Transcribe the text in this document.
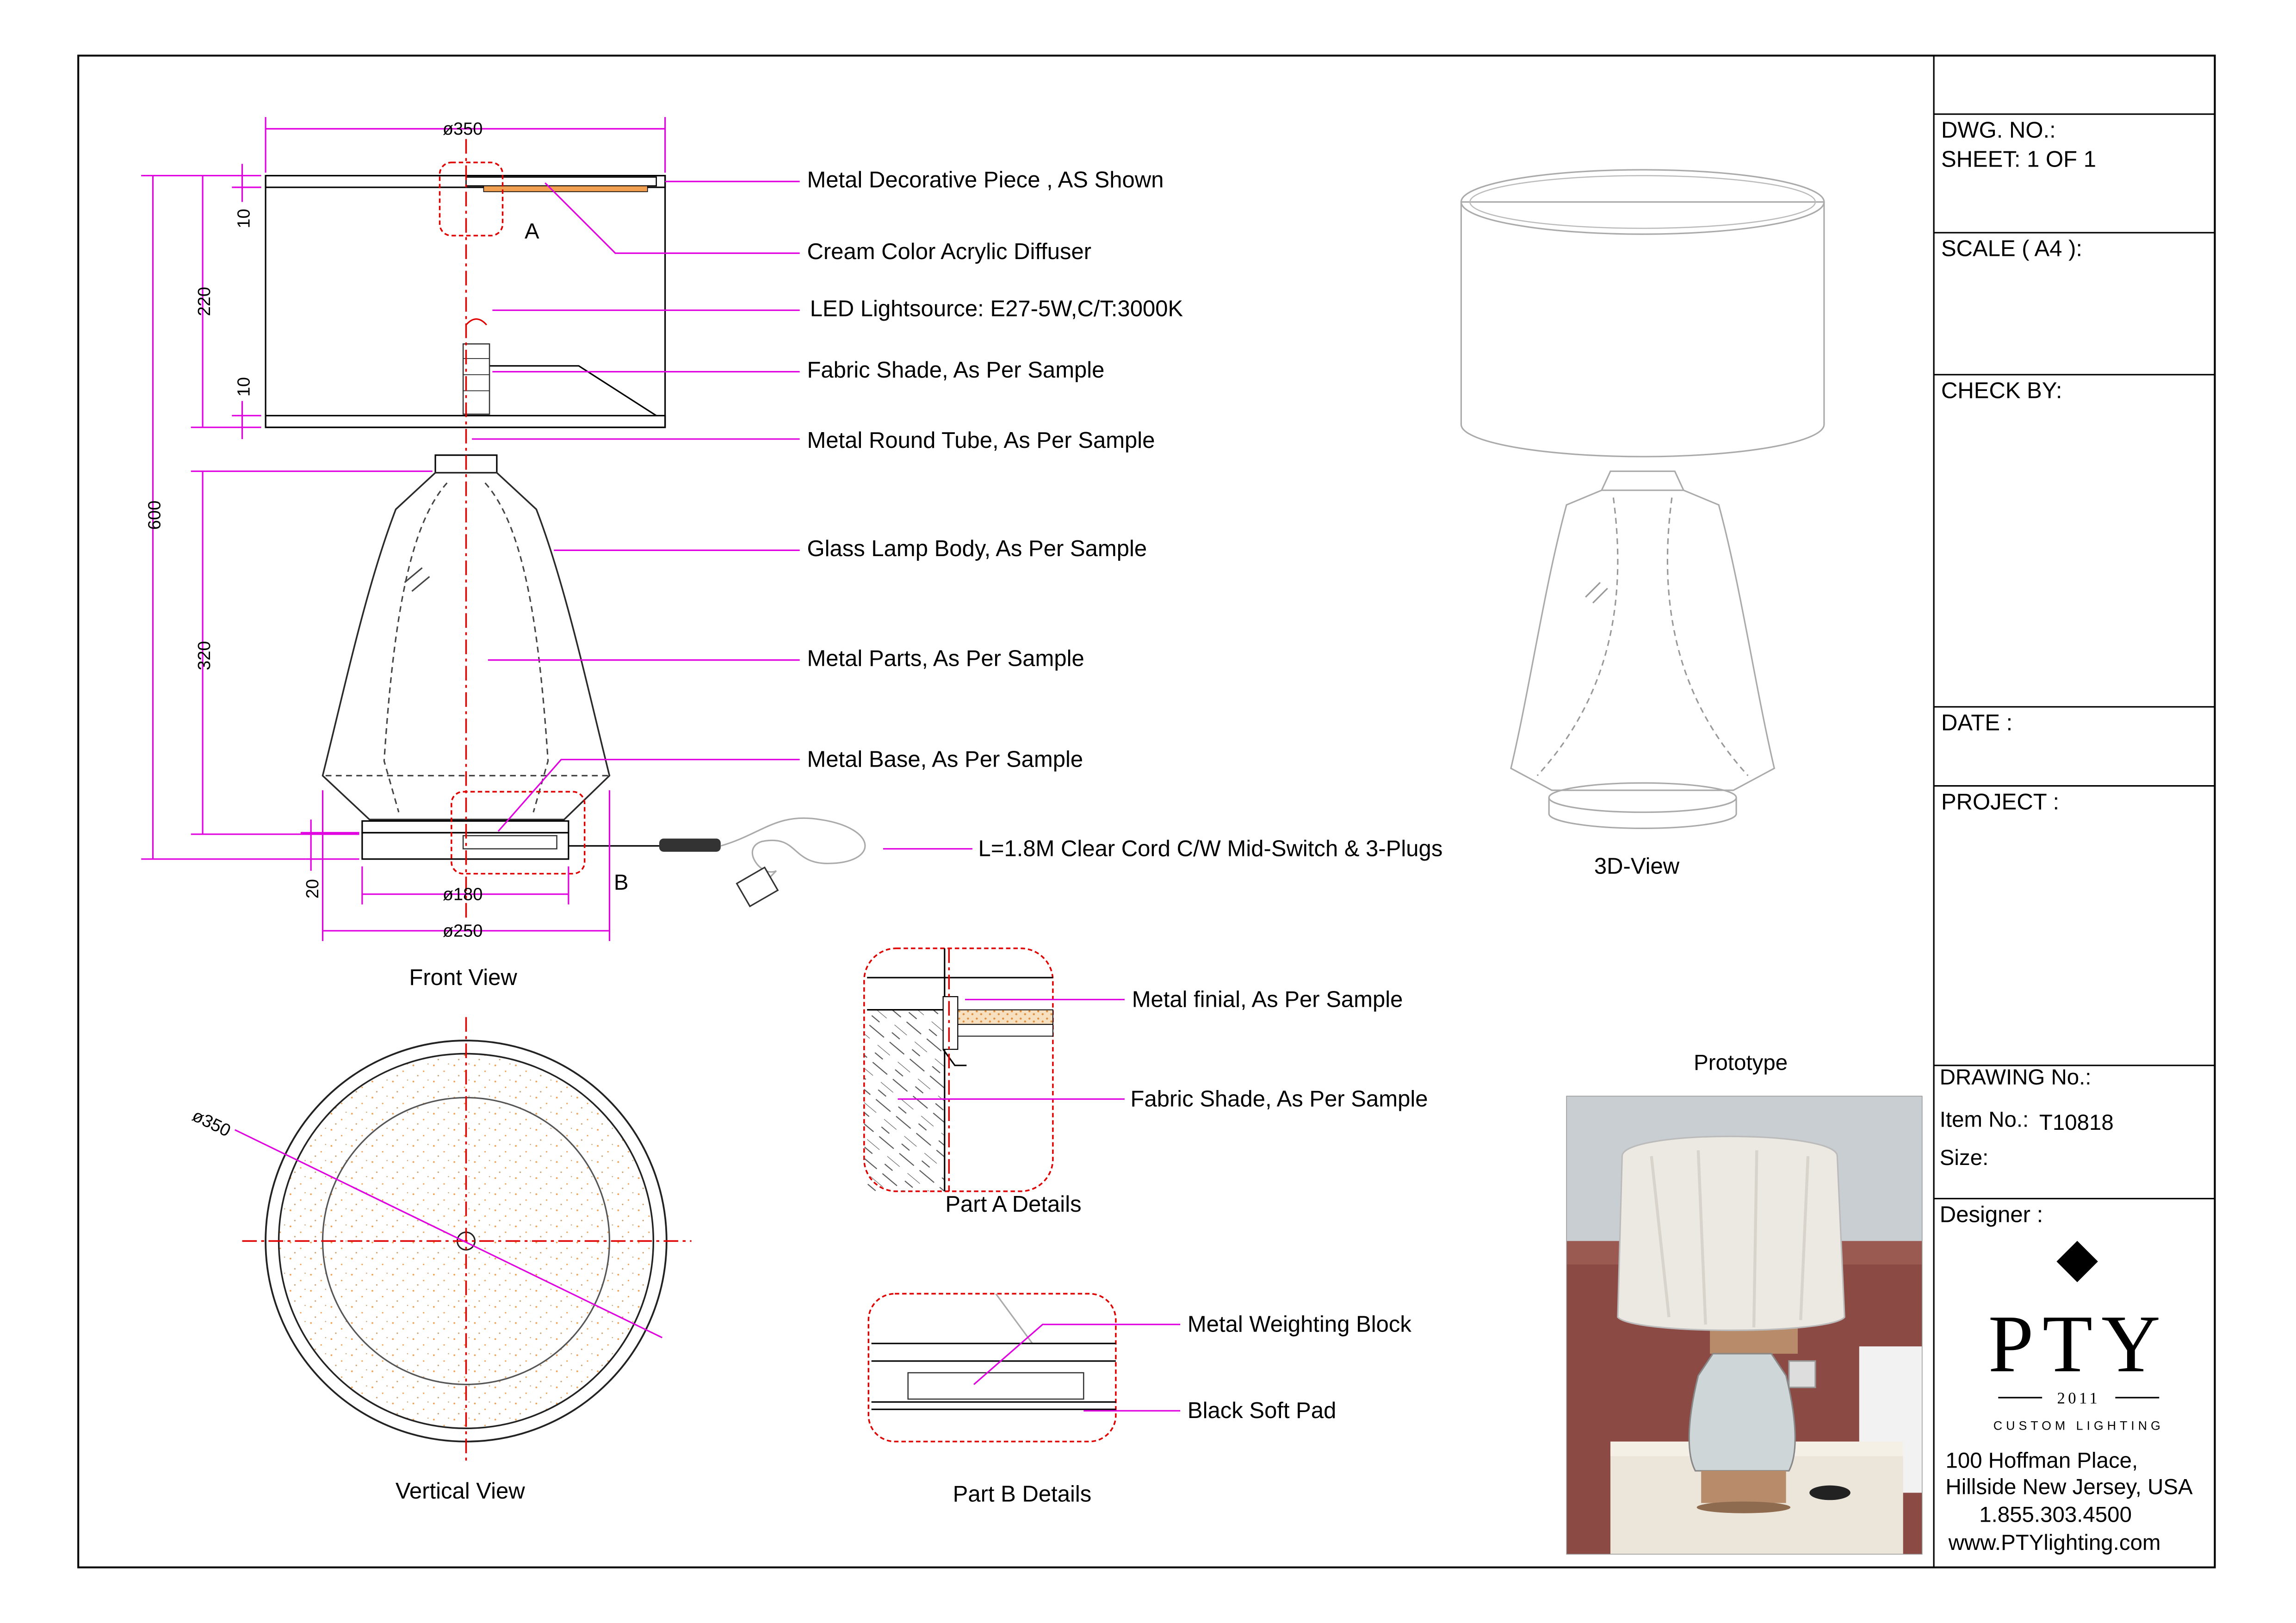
A
B
ø350
600
220
320
10
10
20	ø180
ø250
Metal Decorative Piece , AS Shown
Cream Color Acrylic Diffuser
LED Lightsource: E27-5W,C/T:3000K
Fabric Shade, As Per Sample
Metal Round Tube, As Per Sample
Glass Lamp Body, As Per Sample
Metal Parts, As Per Sample
Metal Base, As Per Sample
L=1.8M Clear Cord C/W Mid-Switch & 3-Plugs
Front View
ø350
Vertical View
Metal finial, As Per Sample
Fabric Shade, As Per Sample
Part A Details
Metal Weighting Block
Black Soft Pad
Part B Details
3D-View
Prototype
DWG. NO.:
SHEET: 1 OF 1
SCALE ( A4 ):
CHECK BY:
DATE :
PROJECT :
DRAWING No.:
Item No.: T10818
Size:
Designer :
PTY
2011
CUSTOM LIGHTING
100 Hoffman Place,
Hillside New Jersey, USA
1.855.303.4500
www.PTYlighting.com
